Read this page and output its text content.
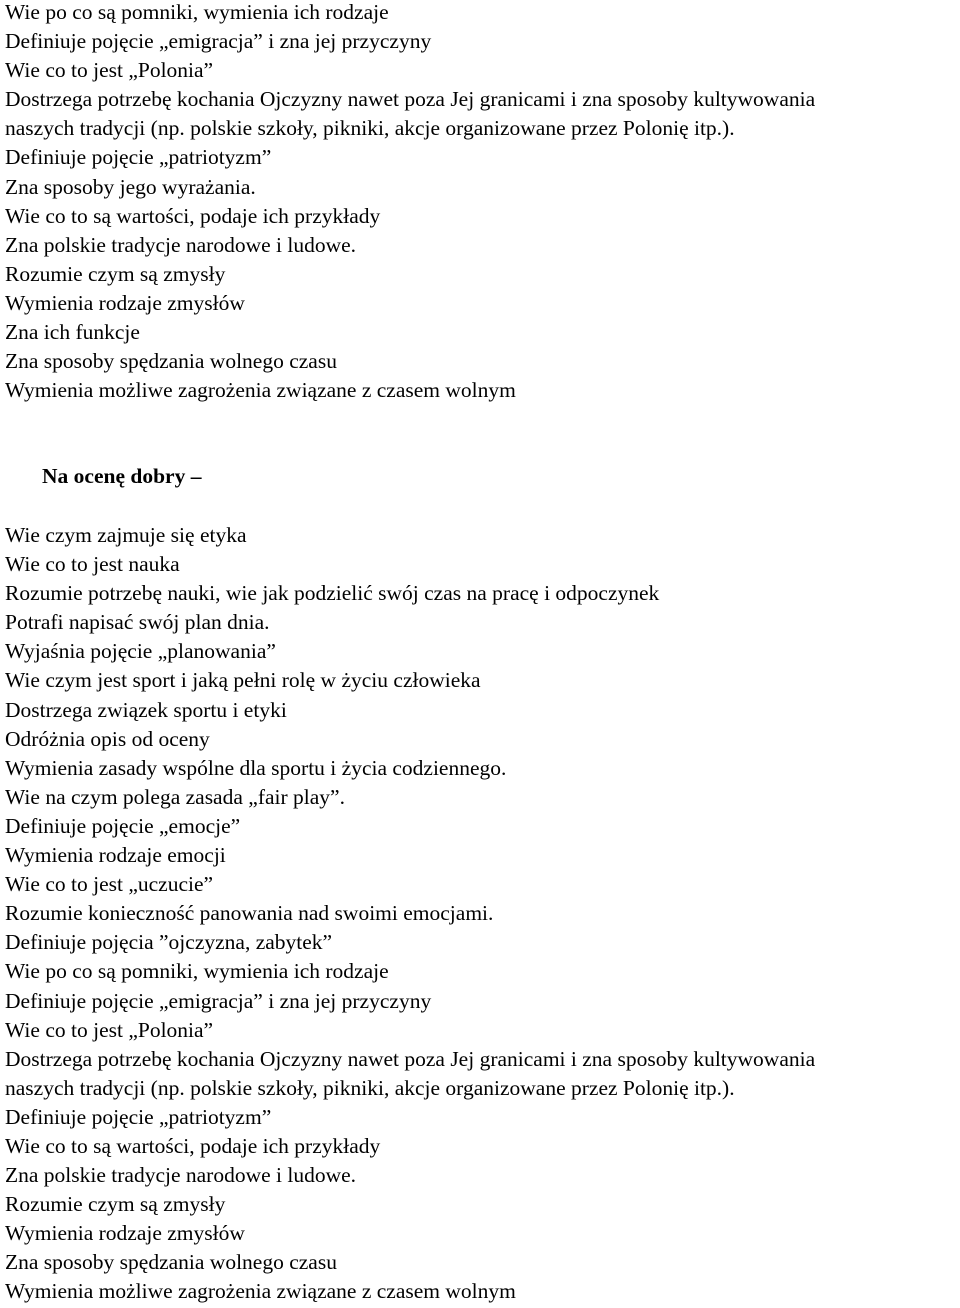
Wie po co są pomniki, wymienia ich rodzaje
Definiuje pojęcie „emigracja” i zna jej przyczyny
Wie co to jest „Polonia”
Dostrzega potrzebę kochania Ojczyzny nawet poza Jej granicami i zna sposoby kultywowania
naszych tradycji (np. polskie szkoły, pikniki, akcje organizowane przez Polonię itp.).
Definiuje pojęcie „patriotyzm”
Zna sposoby jego wyrażania.
Wie co to są wartości, podaje ich przykłady
Zna polskie tradycje narodowe i ludowe.
Rozumie czym są zmysły
Wymienia rodzaje zmysłów
Zna ich funkcje
Zna sposoby spędzania wolnego czasu
Wymienia możliwe zagrożenia związane z czasem wolnym
Na ocenę dobry –
Wie czym zajmuje się etyka
Wie co to jest nauka
Rozumie potrzebę nauki, wie jak podzielić swój czas na pracę i odpoczynek
Potrafi napisać swój plan dnia.
Wyjaśnia pojęcie „planowania”
Wie czym jest sport i jaką pełni rolę w życiu człowieka
Dostrzega związek sportu i etyki
Odróżnia opis od oceny
Wymienia zasady wspólne dla sportu i życia codziennego.
Wie na czym polega zasada „fair play”.
Definiuje pojęcie „emocje”
Wymienia rodzaje emocji
Wie co to jest „uczucie”
Rozumie konieczność panowania nad swoimi emocjami.
Definiuje pojęcia ”ojczyzna, zabytek”
Wie po co są pomniki, wymienia ich rodzaje
Definiuje pojęcie „emigracja” i zna jej przyczyny
Wie co to jest „Polonia”
Dostrzega potrzebę kochania Ojczyzny nawet poza Jej granicami i zna sposoby kultywowania
naszych tradycji (np. polskie szkoły, pikniki, akcje organizowane przez Polonię itp.).
Definiuje pojęcie „patriotyzm”
Wie co to są wartości, podaje ich przykłady
Zna polskie tradycje narodowe i ludowe.
Rozumie czym są zmysły
Wymienia rodzaje zmysłów
Zna sposoby spędzania wolnego czasu
Wymienia możliwe zagrożenia związane z czasem wolnym
